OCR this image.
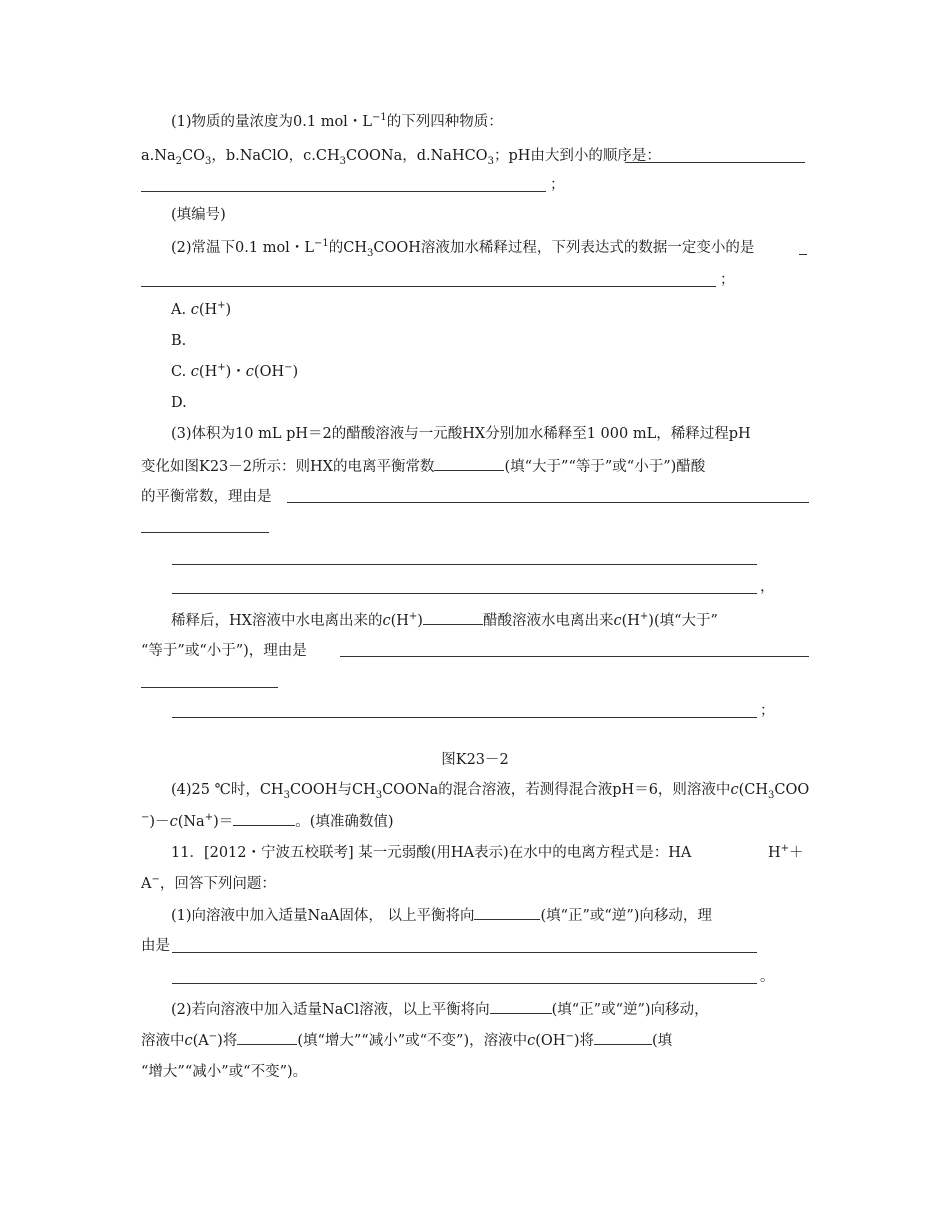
(1)物质的量浓度为0.1 mol・$L^{-1}$的下列四种物质：
$a.Na_2CO_3$，b.NaClO，$c.CH_3COONa$，d.NaHCO$_3$；pH由大到小的顺序是：
；
(填编号)
(2)常温下0.1 mol・$L^{-1}$的$CH_3COOH$溶液加水稀释过程，下列表达式的数据一定变小的是
；
A. c(H+)
B.
C. c(H+)・c(OH−)
D.
(3)体积为10 mL pH＝2的醋酸溶液与一元酸HX分别加水稀释至1 000 mL，稀释过程pH
变化如图K23－2所示：则HX的电离平衡常数	(填“大于”“等于”或“小于”)醋酸
的平衡常数，理由是
，
稀释后，HX溶液中水电离出来的c(H+)	醋酸溶液水电离出来c(H+)(填“大于”
“等于”或“小于”)，理由是
；
图K23－2
(4)25 ℃时，$CH_3COOH$与$CH_3COONa$的混合溶液，若测得混合液pH＝6，则溶液中$c(CH_3COO$
−)－c(Na+)＝	。(填准确数值)
11．[2012・宁波五校联考] 某一元弱酸(用HA表示)在水中的电离方程式是：HA	H+＋
A−，回答下列问题：
(1)向溶液中加入适量NaA固体， 以上平衡将向	(填“正”或“逆”)向移动，理
由是
。
(2)若向溶液中加入适量NaCl溶液，以上平衡将向	(填“正”或“逆”)向移动，
溶液中c(A−)将	(填“增大”“减小”或“不变”)，溶液中c(OH−)将	(填
“增大”“减小”或“不变”)。
